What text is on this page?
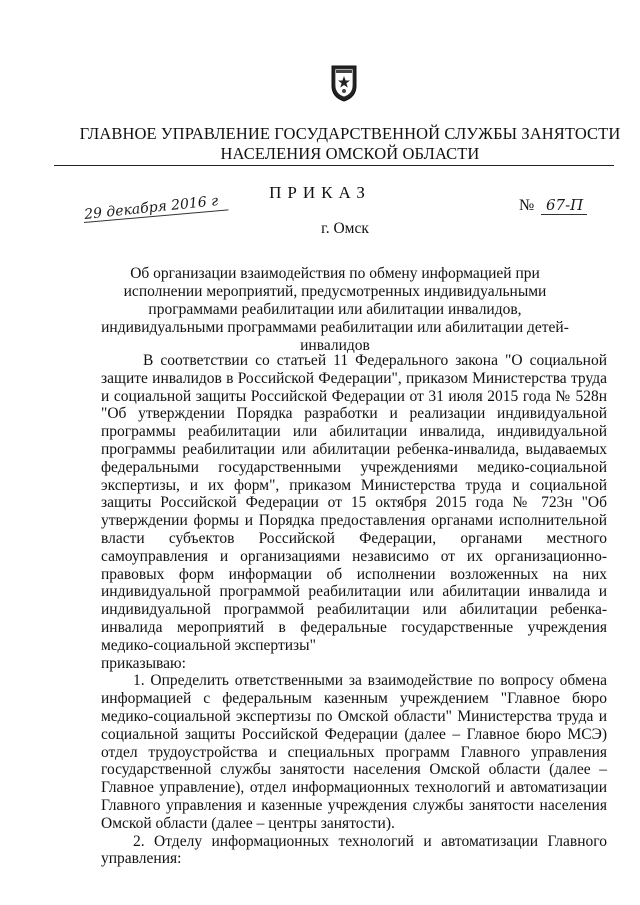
ГЛАВНОЕ УПРАВЛЕНИЕ ГОСУДАРСТВЕННОЙ СЛУЖБЫ ЗАНЯТОСТИ
НАСЕЛЕНИЯ ОМСКОЙ ОБЛАСТИ
ПРИКАЗ
29 декабря 2016 г	№ 67-П
г. Омск
Об организации взаимодействия по обмену информацией при исполнении мероприятий, предусмотренных индивидуальными программами реабилитации или абилитации инвалидов, индивидуальными программами реабилитации или абилитации детей-инвалидов

В соответствии со статьей 11 Федерального закона "О социальной защите инвалидов в Российской Федерации", приказом Министерства труда и социальной защиты Российской Федерации от 31 июля 2015 года № 528н "Об утверждении Порядка разработки и реализации индивидуальной программы реабилитации или абилитации инвалида, индивидуальной программы реабилитации или абилитации ребенка-инвалида, выдаваемых федеральными государственными учреждениями медико-социальной экспертизы, и их форм", приказом Министерства труда и социальной защиты Российской Федерации от 15 октября 2015 года № 723н "Об утверждении формы и Порядка предоставления органами исполнительной власти субъектов Российской Федерации, органами местного самоуправления и организациями независимо от их организационно-правовых форм информации об исполнении возложенных на них индивидуальной программой реабилитации или абилитации инвалида и индивидуальной программой реабилитации или абилитации ребенка-инвалида мероприятий в федеральные государственные учреждения медико-социальной экспертизы"

приказываю:

1. Определить ответственными за взаимодействие по вопросу обмена информацией с федеральным казенным учреждением "Главное бюро медико-социальной экспертизы по Омской области" Министерства труда и социальной защиты Российской Федерации (далее – Главное бюро МСЭ) отдел трудоустройства и специальных программ Главного управления государственной службы занятости населения Омской области (далее – Главное управление), отдел информационных технологий и автоматизации Главного управления и казенные учреждения службы занятости населения Омской области (далее – центры занятости).

2. Отделу информационных технологий и автоматизации Главного управления:
